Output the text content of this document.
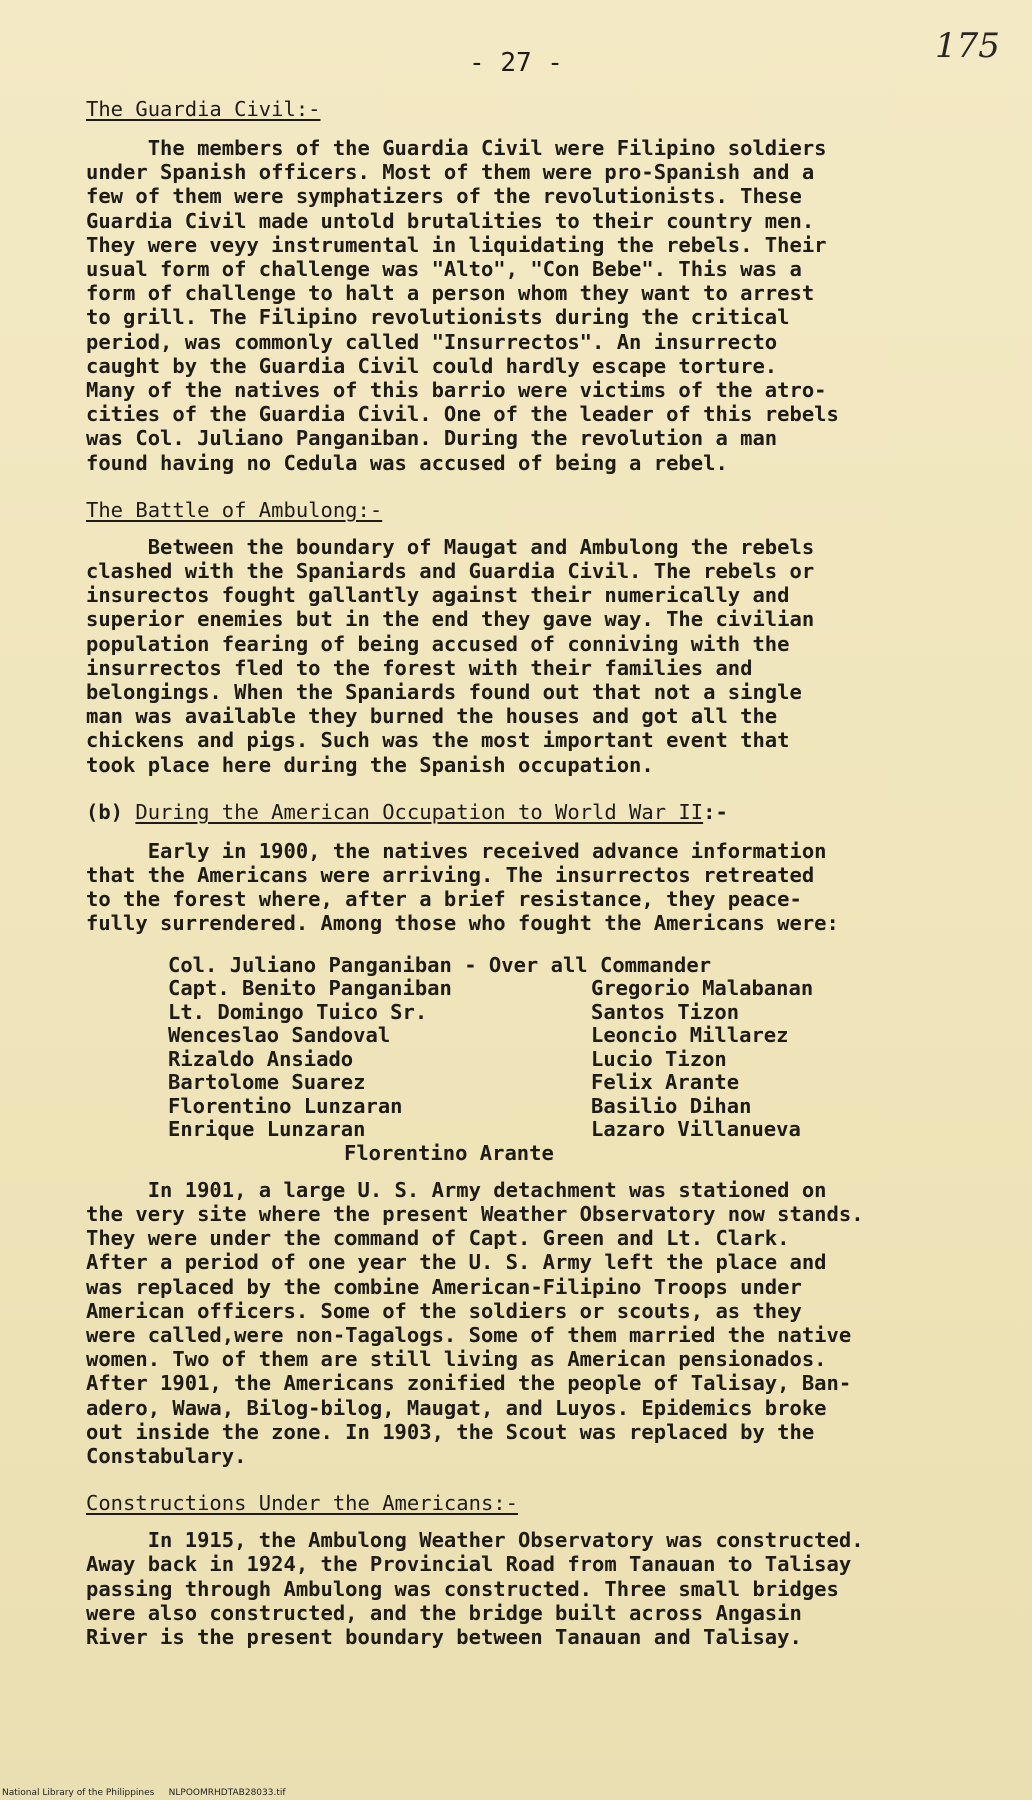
- 27 -	175

The Guardia Civil:-

The members of the Guardia Civil were Filipino soldiers
under Spanish officers. Most of them were pro-Spanish and a
few of them were symphatizers of the revolutionists. These
Guardia Civil made untold brutalities to their country men.
They were veyy instrumental in liquidating the rebels. Their
usual form of challenge was "Alto", "Con Bebe". This was a
form of challenge to halt a person whom they want to arrest
to grill. The Filipino revolutionists during the critical
period, was commonly called "Insurrectos". An insurrecto
caught by the Guardia Civil could hardly escape torture.
Many of the natives of this barrio were victims of the atro-
cities of the Guardia Civil. One of the leader of this rebels
was Col. Juliano Panganiban. During the revolution a man
found having no Cedula was accused of being a rebel.

The Battle of Ambulong:-

Between the boundary of Maugat and Ambulong the rebels
clashed with the Spaniards and Guardia Civil. The rebels or
insurectos fought gallantly against their numerically and
superior enemies but in the end they gave way. The civilian
population fearing of being accused of conniving with the
insurrectos fled to the forest with their families and
belongings. When the Spaniards found out that not a single
man was available they burned the houses and got all the
chickens and pigs. Such was the most important event that
took place here during the Spanish occupation.

(b) During the American Occupation to World War II:-

Early in 1900, the natives received advance information
that the Americans were arriving. The insurrectos retreated
to the forest where, after a brief resistance, they peace-
fully surrendered. Among those who fought the Americans were:
Col. Juliano Panganiban - Over all Commander
Capt. Benito Panganiban
Lt. Domingo Tuico Sr.
Wenceslao Sandoval
Rizaldo Ansiado
Bartolome Suarez
Florentino Lunzaran
Enrique Lunzaran
Gregorio Malabanan
Santos Tizon
Leoncio Millarez
Lucio Tizon
Felix Arante
Basilio Dihan
Lazaro Villanueva
Florentino Arante
In 1901, a large U. S. Army detachment was stationed on
the very site where the present Weather Observatory now stands.
They were under the command of Capt. Green and Lt. Clark.
After a period of one year the U. S. Army left the place and
was replaced by the combine American-Filipino Troops under
American officers. Some of the soldiers or scouts, as they
were called,were non-Tagalogs. Some of them married the native
women. Two of them are still living as American pensionados.
After 1901, the Americans zonified the people of Talisay, Ban-
adero, Wawa, Bilog-bilog, Maugat, and Luyos. Epidemics broke
out inside the zone. In 1903, the Scout was replaced by the
Constabulary.

Constructions Under the Americans:-

In 1915, the Ambulong Weather Observatory was constructed.
Away back in 1924, the Provincial Road from Tanauan to Talisay
passing through Ambulong was constructed. Three small bridges
were also constructed, and the bridge built across Angasin
River is the present boundary between Tanauan and Talisay.
National Library of the Philippines     NLPOOMRHDTAB28033.tif
